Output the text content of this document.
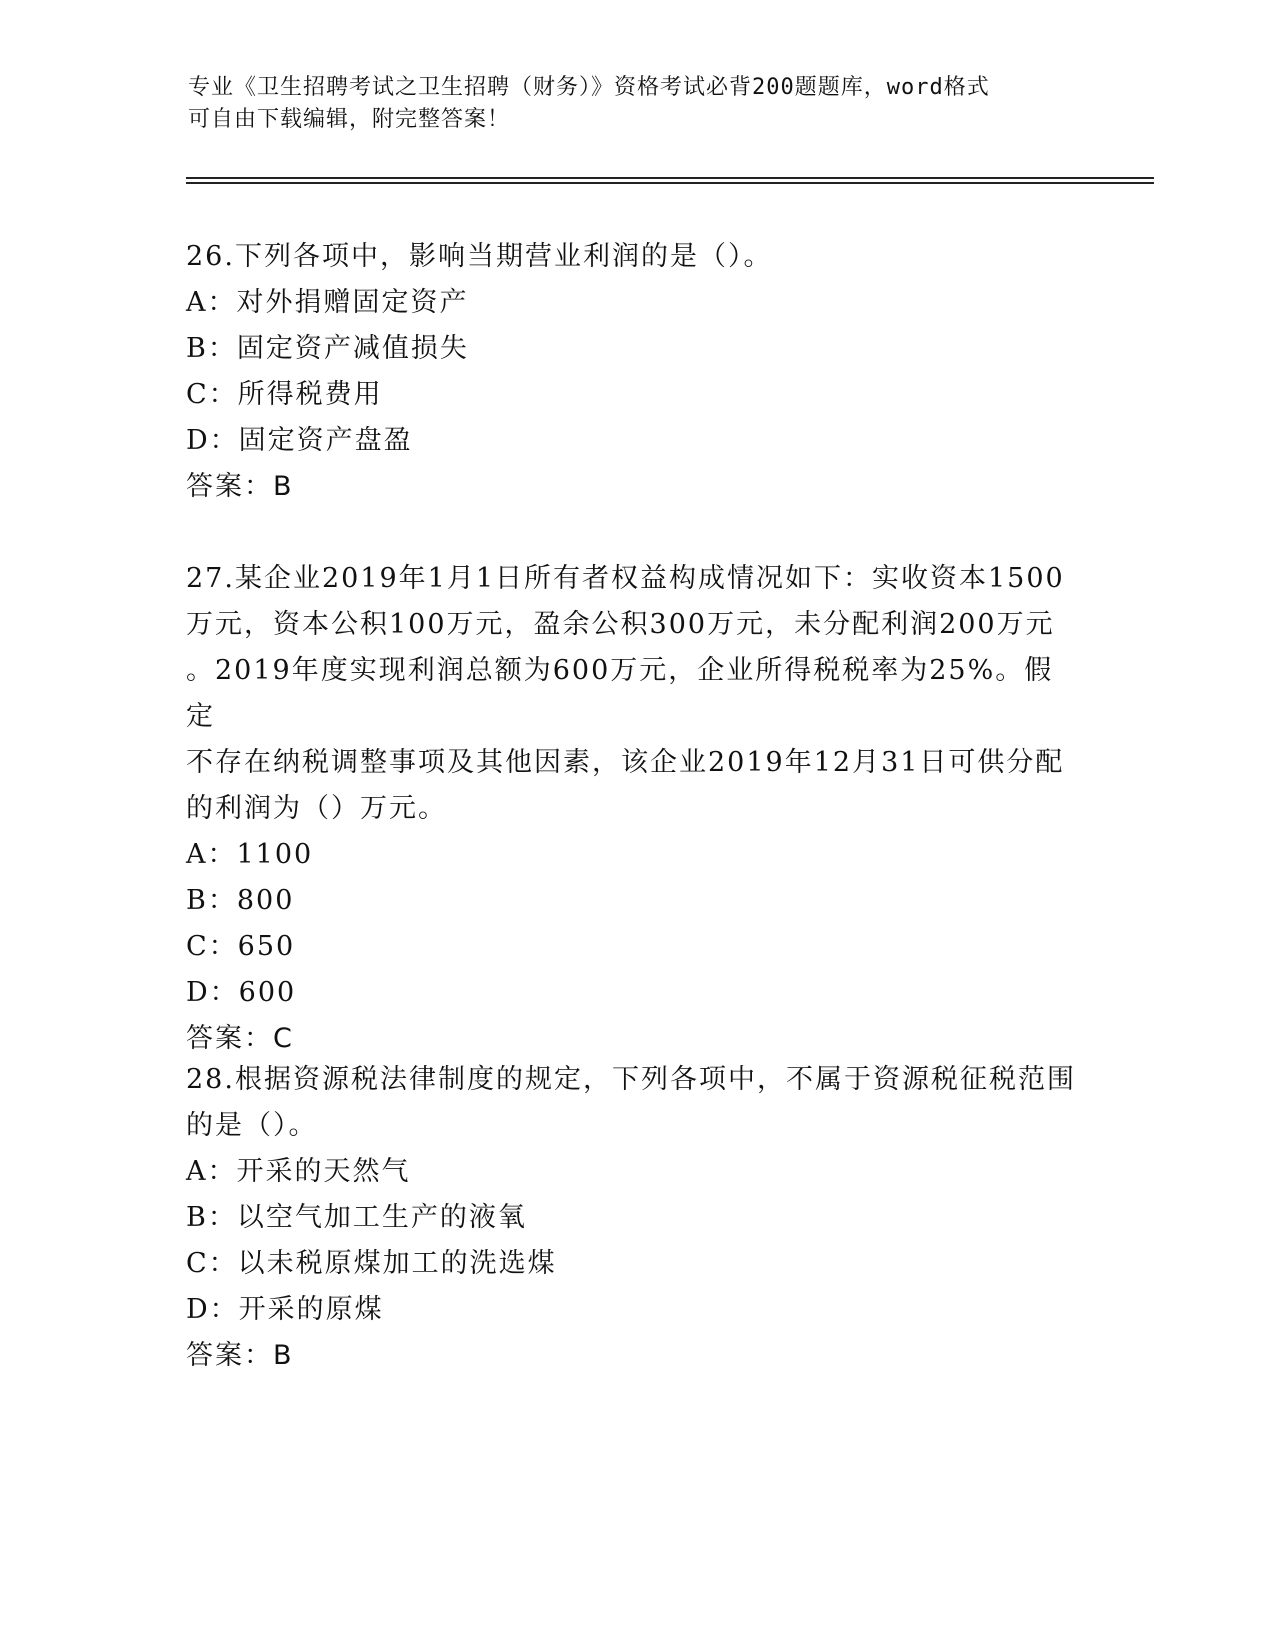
专业《卫生招聘考试之卫生招聘（财务）》资格考试必背200题题库，word格式
可自由下载编辑，附完整答案！

26.下列各项中，影响当期营业利润的是（）。

A：对外捐赠固定资产

B：固定资产减值损失

C：所得税费用

D：固定资产盘盈

答案：B

27.某企业2019年1月1日所有者权益构成情况如下：实收资本1500

万元，资本公积100万元，盈余公积300万元，未分配利润200万元

。2019年度实现利润总额为600万元，企业所得税税率为25%。假定

不存在纳税调整事项及其他因素，该企业2019年12月31日可供分配

的利润为（）万元。

A：1100

B：800

C：650

D：600

答案：C

28.根据资源税法律制度的规定，下列各项中，不属于资源税征税范围

的是（）。

A：开采的天然气

B：以空气加工生产的液氧

C：以未税原煤加工的洗选煤

D：开采的原煤

答案：B
